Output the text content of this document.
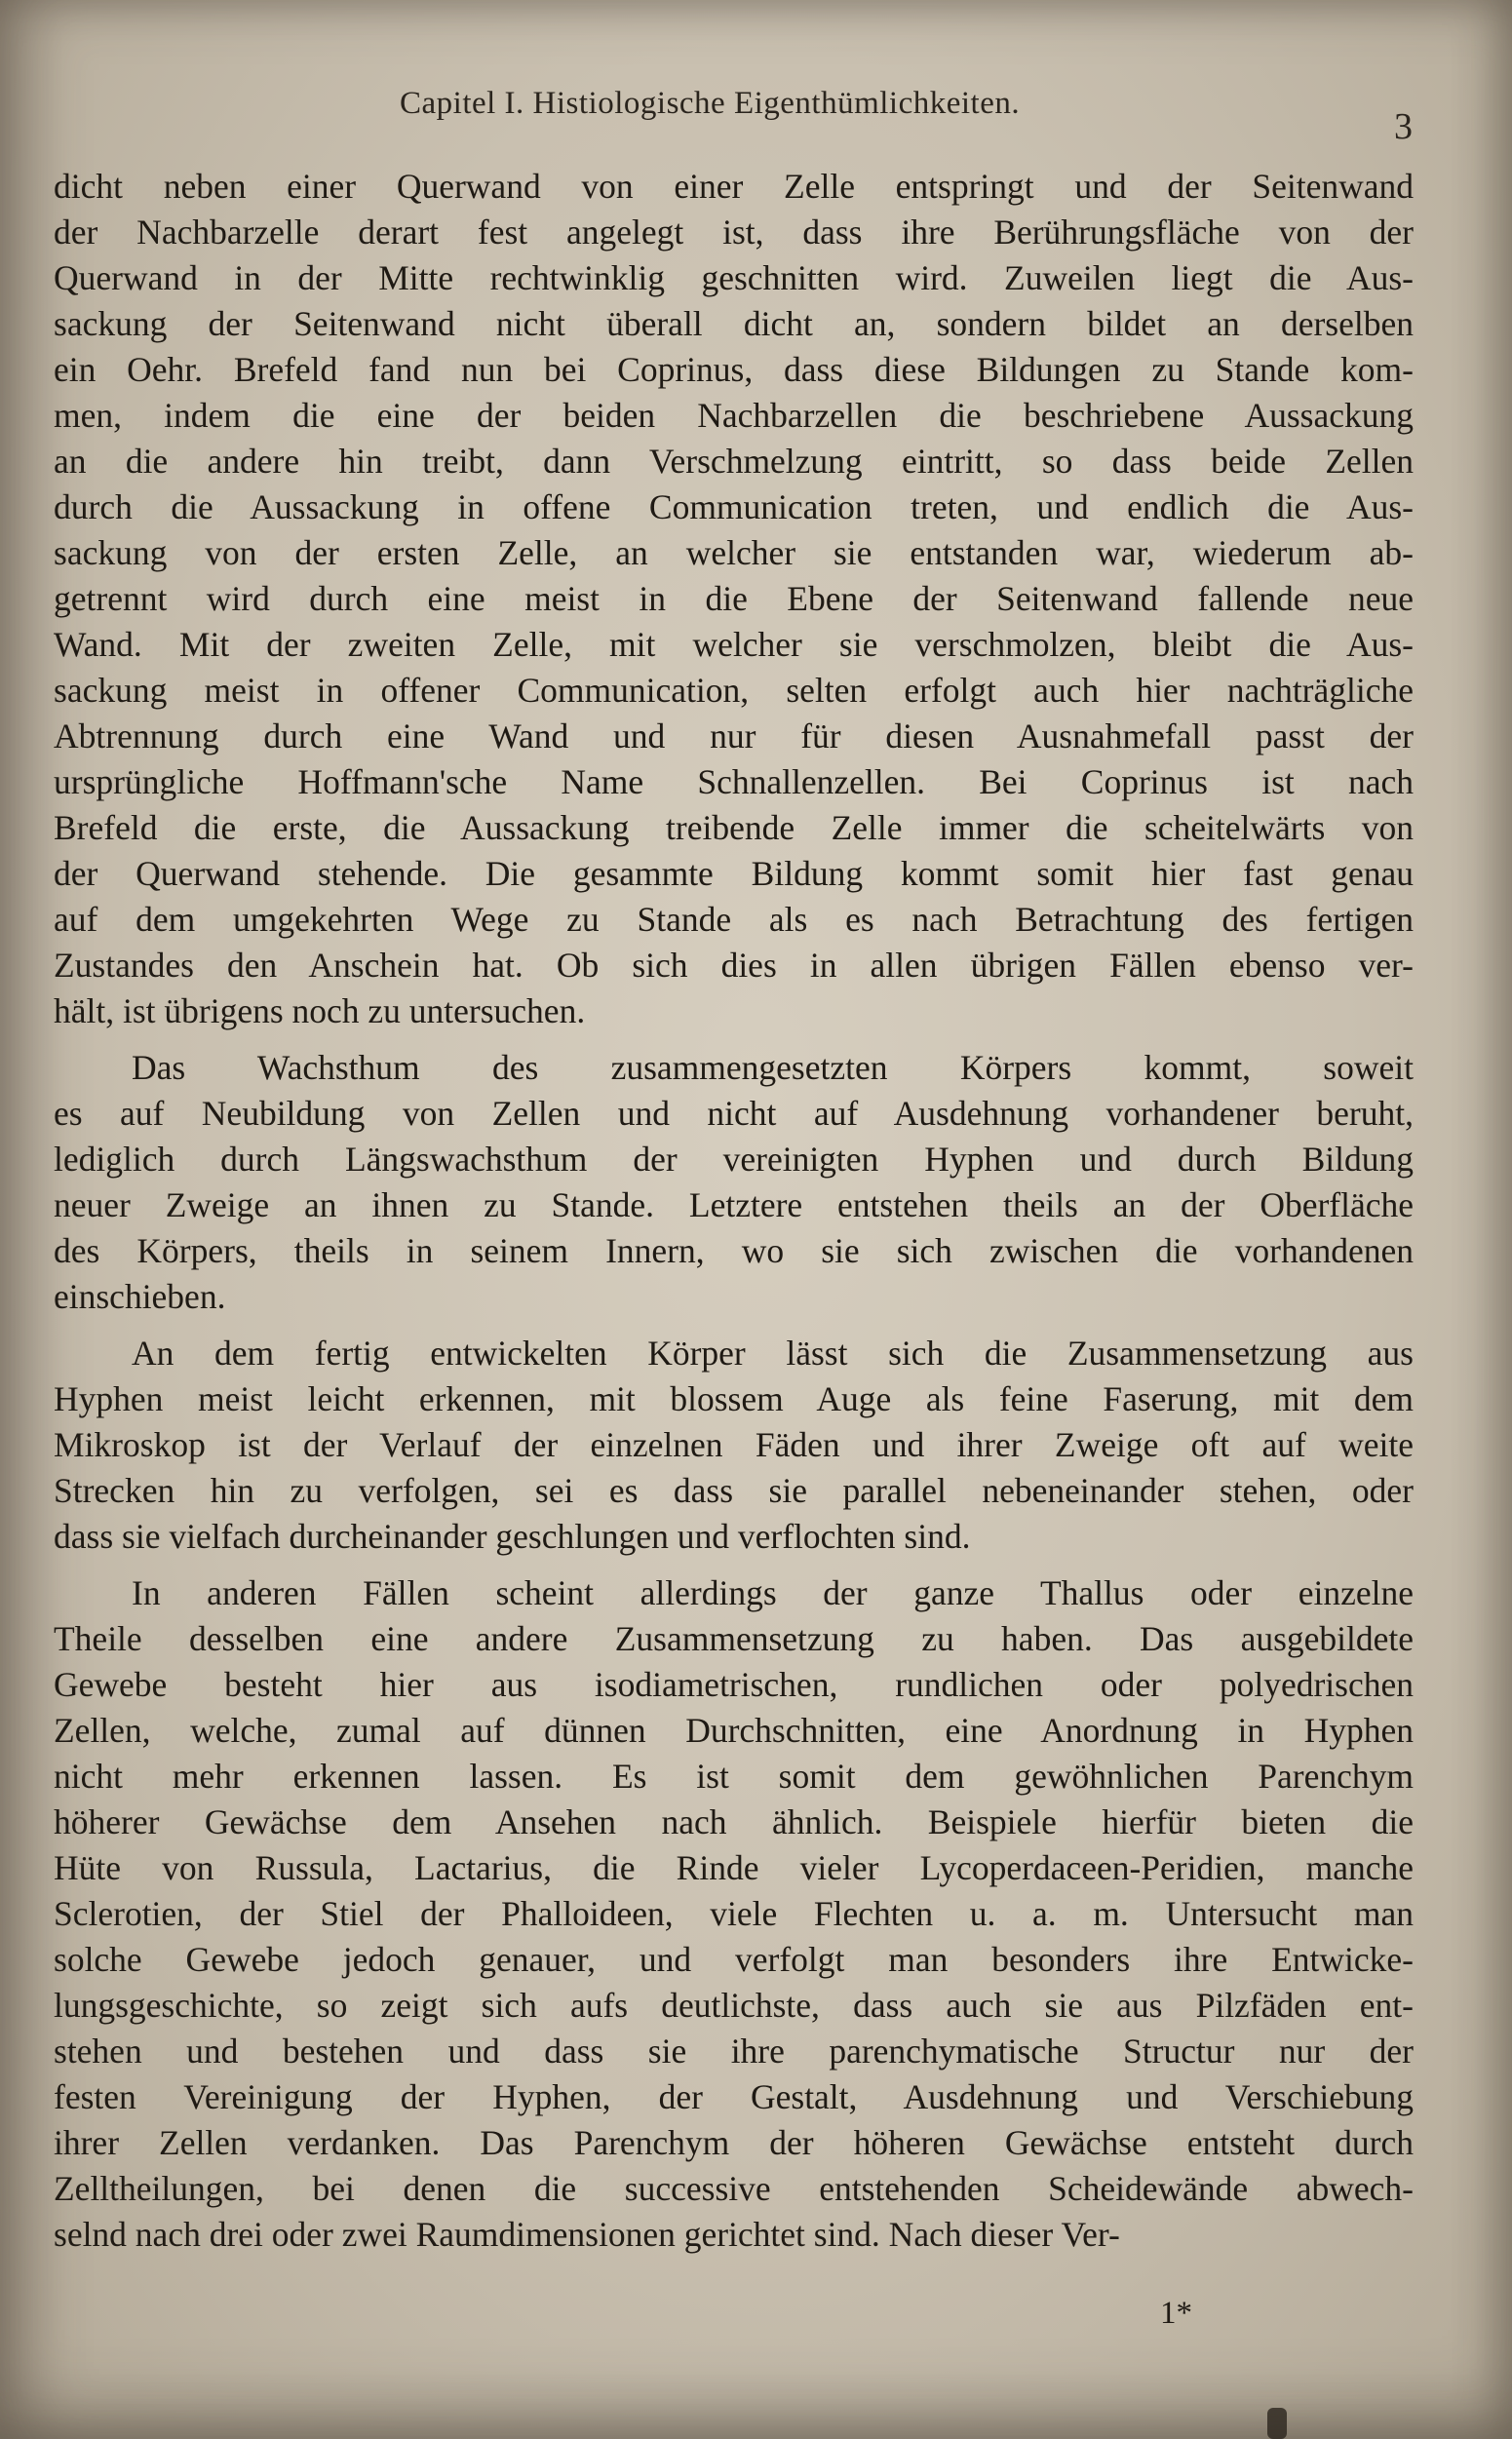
Capitel I. Histiologische Eigenthümlichkeiten.
3
dicht neben einer Querwand von einer Zelle entspringt und der Seitenwand
der Nachbarzelle derart fest angelegt ist, dass ihre Berührungsfläche von der
Querwand in der Mitte rechtwinklig geschnitten wird. Zuweilen liegt die Aus-
sackung der Seitenwand nicht überall dicht an, sondern bildet an derselben
ein Oehr. Brefeld fand nun bei Coprinus, dass diese Bildungen zu Stande kom-
men, indem die eine der beiden Nachbarzellen die beschriebene Aussackung
an die andere hin treibt, dann Verschmelzung eintritt, so dass beide Zellen
durch die Aussackung in offene Communication treten, und endlich die Aus-
sackung von der ersten Zelle, an welcher sie entstanden war, wiederum ab-
getrennt wird durch eine meist in die Ebene der Seitenwand fallende neue
Wand. Mit der zweiten Zelle, mit welcher sie verschmolzen, bleibt die Aus-
sackung meist in offener Communication, selten erfolgt auch hier nachträgliche
Abtrennung durch eine Wand und nur für diesen Ausnahmefall passt der
ursprüngliche Hoffmann'sche Name Schnallenzellen. Bei Coprinus ist nach
Brefeld die erste, die Aussackung treibende Zelle immer die scheitelwärts von
der Querwand stehende. Die gesammte Bildung kommt somit hier fast genau
auf dem umgekehrten Wege zu Stande als es nach Betrachtung des fertigen
Zustandes den Anschein hat. Ob sich dies in allen übrigen Fällen ebenso ver-
hält, ist übrigens noch zu untersuchen.
Das Wachsthum des zusammengesetzten Körpers kommt, soweit
es auf Neubildung von Zellen und nicht auf Ausdehnung vorhandener beruht,
lediglich durch Längswachsthum der vereinigten Hyphen und durch Bildung
neuer Zweige an ihnen zu Stande. Letztere entstehen theils an der Oberfläche
des Körpers, theils in seinem Innern, wo sie sich zwischen die vorhandenen
einschieben.
An dem fertig entwickelten Körper lässt sich die Zusammensetzung aus
Hyphen meist leicht erkennen, mit blossem Auge als feine Faserung, mit dem
Mikroskop ist der Verlauf der einzelnen Fäden und ihrer Zweige oft auf weite
Strecken hin zu verfolgen, sei es dass sie parallel nebeneinander stehen, oder
dass sie vielfach durcheinander geschlungen und verflochten sind.
In anderen Fällen scheint allerdings der ganze Thallus oder einzelne
Theile desselben eine andere Zusammensetzung zu haben. Das ausgebildete
Gewebe besteht hier aus isodiametrischen, rundlichen oder polyedrischen
Zellen, welche, zumal auf dünnen Durchschnitten, eine Anordnung in Hyphen
nicht mehr erkennen lassen. Es ist somit dem gewöhnlichen Parenchym
höherer Gewächse dem Ansehen nach ähnlich. Beispiele hierfür bieten die
Hüte von Russula, Lactarius, die Rinde vieler Lycoperdaceen-Peridien, manche
Sclerotien, der Stiel der Phalloideen, viele Flechten u. a. m. Untersucht man
solche Gewebe jedoch genauer, und verfolgt man besonders ihre Entwicke-
lungsgeschichte, so zeigt sich aufs deutlichste, dass auch sie aus Pilzfäden ent-
stehen und bestehen und dass sie ihre parenchymatische Structur nur der
festen Vereinigung der Hyphen, der Gestalt, Ausdehnung und Verschiebung
ihrer Zellen verdanken. Das Parenchym der höheren Gewächse entsteht durch
Zelltheilungen, bei denen die successive entstehenden Scheidewände abwech-
selnd nach drei oder zwei Raumdimensionen gerichtet sind. Nach dieser Ver-
1*
